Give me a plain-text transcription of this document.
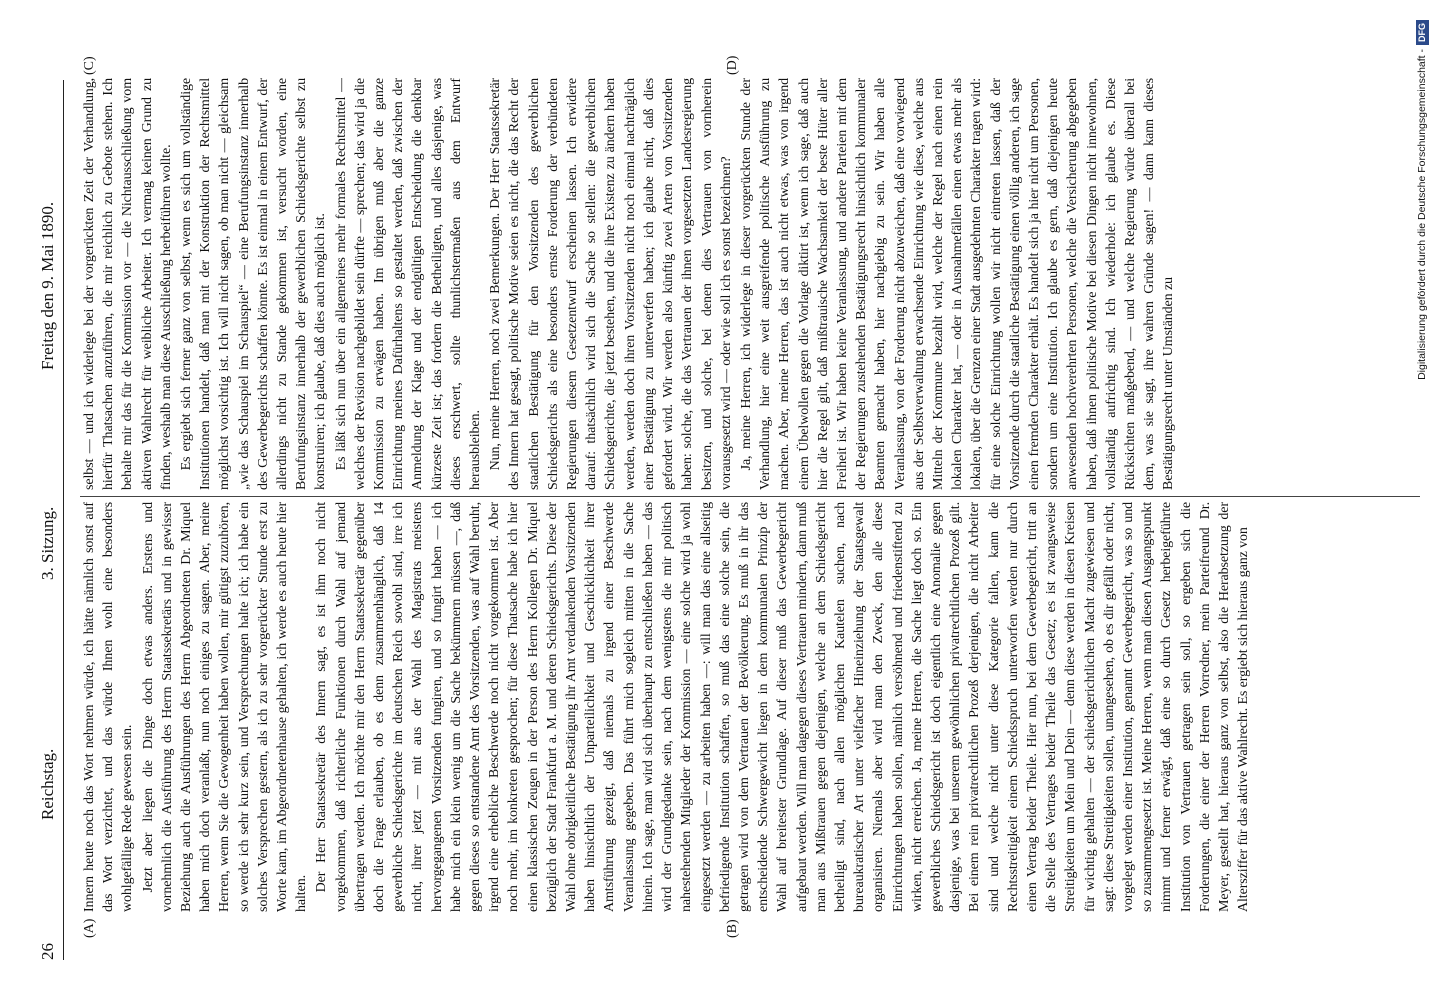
26
Reichstag.
3. Sitzung.
Freitag den 9. Mai 1890.
(A)	(B)
(C)	(D)

Innern heute noch das Wort nehmen würde, ich hätte nämlich sonst auf das Wort verzichtet, und das würde Ihnen wohl eine besonders wohlgefällige Rede gewesen sein. Jetzt aber liegen die Dinge doch etwas anders. Erstens und vornehmlich die Ausführung des Herrn Staatssekretärs und in gewisser Beziehung auch die Ausführungen des Herrn Abgeordneten Dr. Miquel haben mich doch veranlaßt, nun noch einiges zu sagen. Aber, meine Herren, wenn Sie die Gewogenheit haben wollen, mir gütigst zuzuhören, so werde ich sehr kurz sein, und Versprechungen halte ich; ich habe ein solches Versprechen gestern, als ich zu sehr vorgerückter Stunde erst zu Worte kam, im Abgeordnetenhause gehalten, ich werde es auch heute hier halten.

Der Herr Staatssekretär des Innern sagt, es ist ihm noch nicht vorgekommen, daß richterliche Funktionen durch Wahl auf jemand übertragen werden. Ich möchte mir den Herrn Staatssekretär gegenüber doch die Frage erlauben, ob es denn zusammenhänglich, daß 14 gewerbliche Schiedsgerichte im deutschen Reich sowohl sind, irre ich nicht, ihrer jetzt — mit aus der Wahl des Magistrats meistens hervorgegangenen Vorsitzenden fungiren, und so fungirt haben — ich habe mich ein klein wenig um die Sache bekümmern müssen —, daß gegen dieses so entstandene Amt des Vorsitzenden, was auf Wahl beruht, irgend eine erhebliche Beschwerde noch nicht vorgekommen ist. Aber noch mehr, im konkreten gesprochen; für diese Thatsache habe ich hier einen klassischen Zeugen in der Person des Herrn Kollegen Dr. Miquel bezüglich der Stadt Frankfurt a. M. und deren Schiedsgerichts. Diese der Wahl ohne obrigkeitliche Bestätigung ihr Amt verdankenden Vorsitzenden haben hinsichtlich der Unparteilichkeit und Geschicklichkeit ihrer Amtsführung gezeigt, daß niemals zu irgend einer Beschwerde Veranlassung gegeben. Das führt mich sogleich mitten in die Sache hinein. Ich sage, man wird sich überhaupt zu entschließen haben — das wird der Grundgedanke sein, nach dem wenigstens die mir politisch nahestehenden Mitglieder der Kommission — eine solche wird ja wohl eingesetzt werden — zu arbeiten haben —: will man das eine allseitig befriedigende Institution schaffen, so muß das eine solche sein, die getragen wird von dem Vertrauen der Bevölkerung. Es muß in ihr das entscheidende Schwergewicht liegen in dem kommunalen Prinzip der Wahl auf breitester Grundlage. Auf dieser muß das Gewerbegericht aufgebaut werden. Will man dagegen dieses Vertrauen mindern, dann muß man aus Mißtrauen gegen diejenigen, welche an dem Schiedsgericht betheiligt sind, nach allen möglichen Kautelen suchen, nach bureaukratischer Art unter vielfacher Hineinziehung der Staatsgewalt organisiren. Niemals aber wird man den Zweck, den alle diese Einrichtungen haben sollen, nämlich versöhnend und friedenstiftend zu wirken, nicht erreichen. Ja, meine Herren, die Sache liegt doch so. Ein gewerbliches Schiedsgericht ist doch eigentlich eine Anomalie gegen dasjenige, was bei unserem gewöhnlichen privatrechtlichen Prozeß gilt. Bei einem rein privatrechtlichen Prozeß derjenigen, die nicht Arbeiter sind und welche nicht unter diese Kategorie fallen, kann die Rechtsstreitigkeit einem Schiedsspruch unterworfen werden nur durch einen Vertrag beider Theile. Hier nun, bei dem Gewerbegericht, tritt an die Stelle des Vertrages beider Theile das Gesetz; es ist zwangsweise Streitigkeiten um Mein und Dein — denn diese werden in diesen Kreisen für wichtig gehalten — der schiedsgerichtlichen Macht zugewiesen und sagt: diese Streitigkeiten sollen, unangesehen, ob es dir gefällt oder nicht, vorgelegt werden einer Institution, genannt Gewerbegericht, was so und so zusammengesetzt ist. Meine Herren, wenn man diesen Ausgangspunkt nimmt und ferner erwägt, daß eine so durch Gesetz herbeigeführte Institution von Vertrauen getragen sein soll, so ergeben sich die Forderungen, die einer der Herren Vorredner, mein Parteifreund Dr. Meyer, gestellt hat, hieraus ganz von selbst, also die Herabsetzung der Altersziffer für das aktive Wahlrecht. Es ergiebt sich hieraus ganz von

selbst — und ich widerlege bei der vorgerückten Zeit der Verhandlung, hierfür Thatsachen anzuführen, die mir reichlich zu Gebote stehen. Ich behalte mir das für die Kommission vor — die Nichtausschließung vom aktiven Wahlrecht für weibliche Arbeiter. Ich vermag keinen Grund zu finden, weshalb man diese Ausschließung herbeiführen wollte. Es ergiebt sich ferner ganz von selbst, wenn es sich um vollständige Institutionen handelt, daß man mit der Konstruktion der Rechtsmittel möglichst vorsichtig ist. Ich will nicht sagen, ob man nicht — gleichsam „wie das Schauspiel im Schauspiel“ — eine Berufungsinstanz innerhalb des Gewerbegerichts schaffen könnte. Es ist einmal in einem Entwurf, der allerdings nicht zu Stande gekommen ist, versucht worden, eine Berufungsinstanz innerhalb der gewerblichen Schiedsgerichte selbst zu konstruiren; ich glaube, daß dies auch möglich ist. Es läßt sich nun über ein allgemeines mehr formales Rechtsmittel — welches der Revision nachgebildet sein dürfte — sprechen; das wird ja die Kommission zu erwägen haben. Im übrigen muß aber die ganze Einrichtung meines Dafürhaltens so gestaltet werden, daß zwischen der Anmeldung der Klage und der endgültigen Entscheidung die denkbar kürzeste Zeit ist; das fordern die Betheiligten, und alles dasjenige, was dieses erschwert, sollte thunlichstermaßen aus dem Entwurf herausbleiben. Nun, meine Herren, noch zwei Bemerkungen. Der Herr Staatssekretär des Innern hat gesagt, politische Motive seien es nicht, die das Recht der staatlichen Bestätigung für den Vorsitzenden des gewerblichen Schiedsgerichts als eine besonders ernste Forderung der verbündeten Regierungen diesem Gesetzentwurf erscheinen lassen. Ich erwidere darauf: thatsächlich wird sich die Sache so stellen: die gewerblichen Schiedsgerichte, die jetzt bestehen, und die ihre Existenz zu ändern haben werden, werden doch ihren Vorsitzenden nicht noch einmal nachträglich einer Bestätigung zu unterwerfen haben; ich glaube nicht, daß dies gefordert wird. Wir werden also künftig zwei Arten von Vorsitzenden haben: solche, die das Vertrauen der ihnen vorgesetzten Landesregierung besitzen, und solche, bei denen dies Vertrauen von vornherein vorausgesetzt wird — oder wie soll ich es sonst bezeichnen? Ja, meine Herren, ich widerlege in dieser vorgerückten Stunde der Verhandlung, hier eine weit ausgreifende politische Ausführung zu machen. Aber, meine Herren, das ist auch nicht etwas, was von irgend einem Übelwollen gegen die Vorlage diktirt ist, wenn ich sage, daß auch hier die Regel gilt, daß mißtrauische Wachsamkeit der beste Hüter aller Freiheit ist. Wir haben keine Veranlassung, und andere Parteien mit dem der Regierungen zustehenden Bestätigungsrecht hinsichtlich kommunaler Beamten gemacht haben, hier nachgiebig zu sein. Wir haben alle Veranlassung, von der Forderung nicht abzuweichen, daß eine vorwiegend aus der Selbstverwaltung erwachsende Einrichtung wie diese, welche aus Mitteln der Kommune bezahlt wird, welche der Regel nach einen rein lokalen Charakter hat, — oder in Ausnahmefällen einen etwas mehr als lokalen, über die Grenzen einer Stadt ausgedehnten Charakter tragen wird: für eine solche Einrichtung wollen wir nicht eintreten lassen, daß der Vorsitzende durch die staatliche Bestätigung einen völlig anderen, ich sage einen fremden Charakter erhält. Es handelt sich ja hier nicht um Personen, sondern um eine Institution. Ich glaube es gern, daß diejenigen heute anwesenden hochverehrten Personen, welche die Versicherung abgegeben haben, daß ihnen politische Motive bei diesen Dingen nicht innewohnen, vollständig aufrichtig sind. Ich wiederhole: ich glaube es. Diese Rücksichten maßgebend, — und welche Regierung würde überall bei dem, was sie sagt, ihre wahren Gründe sagen! — dann kann dieses Bestätigungsrecht unter Umständen zu

Digitalisierung gefördert durch die Deutsche Forschungsgemeinschaft -DFG
